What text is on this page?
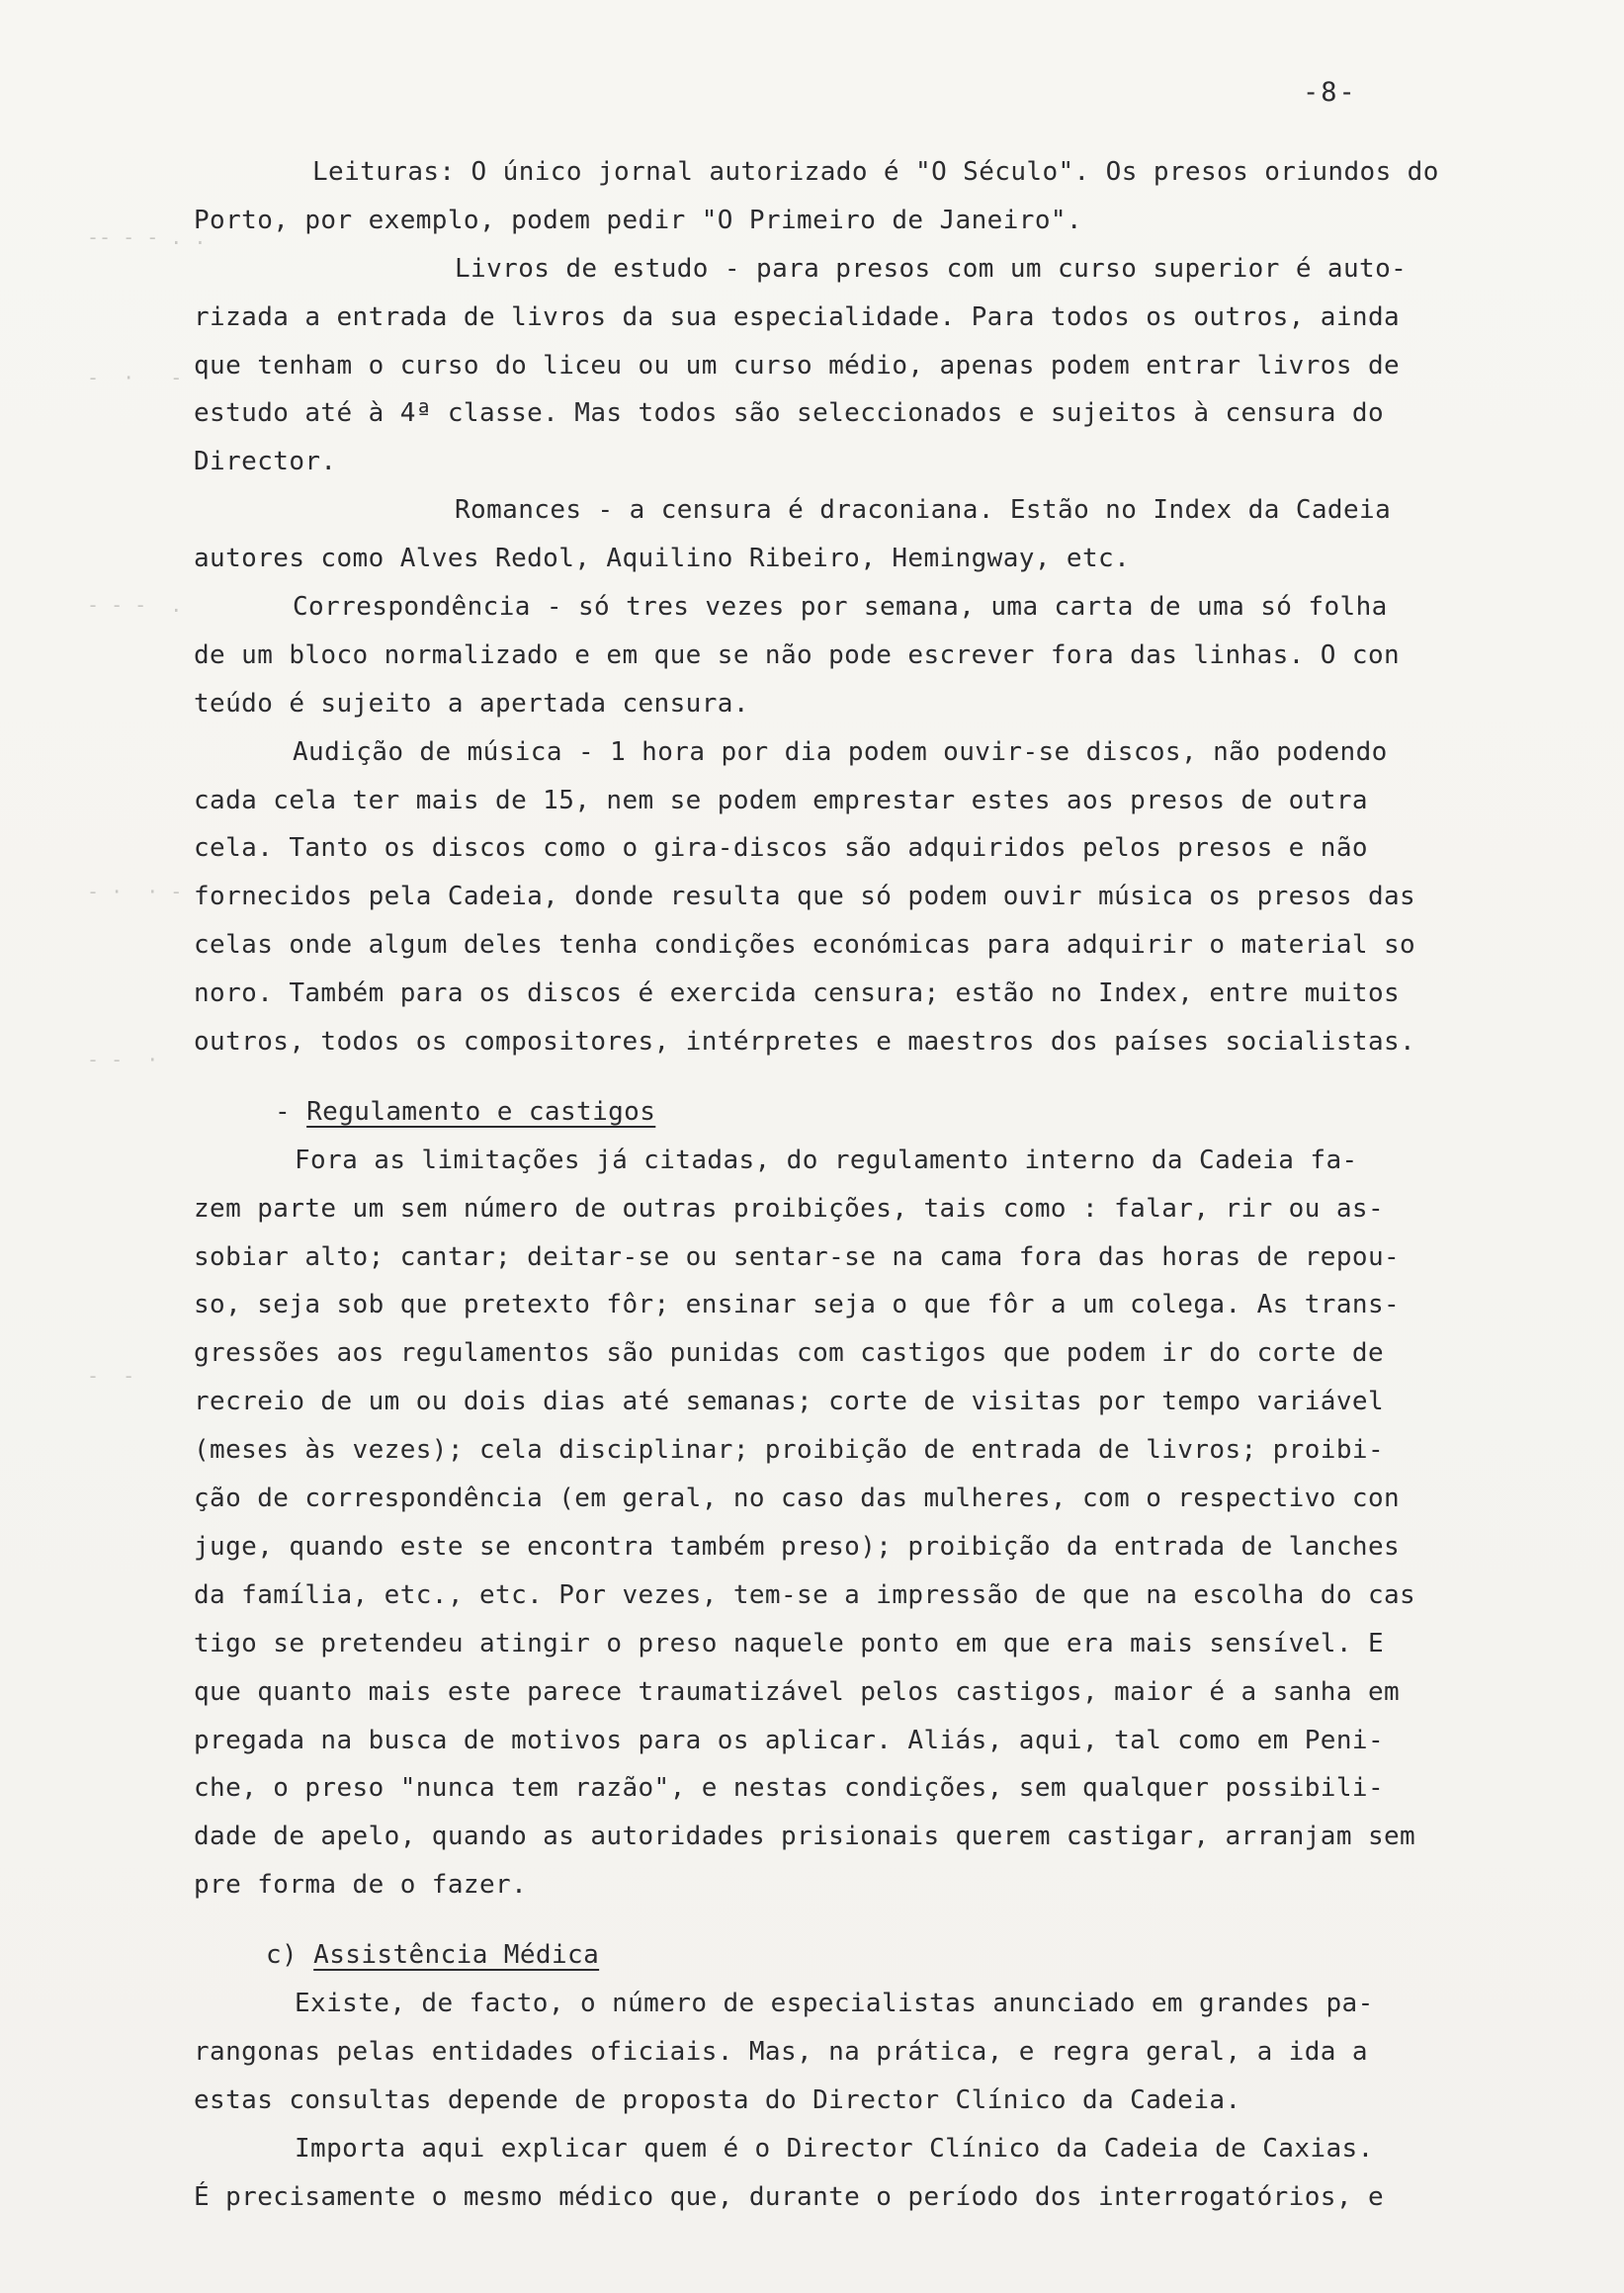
-- - - . .
-  ·   -
- - -  .
- ·  · -
- -  ·
-  -
-8-
Leituras: O único jornal autorizado é "O Século". Os presos oriundos do
Porto, por exemplo, podem pedir "O Primeiro de Janeiro".
Livros de estudo - para presos com um curso superior é auto-
rizada a entrada de livros da sua especialidade. Para todos os outros, ainda
que tenham o curso do liceu ou um curso médio, apenas podem entrar livros de
estudo até à 4ª classe. Mas todos são seleccionados e sujeitos à censura do
Director.
Romances - a censura é draconiana. Estão no Index da Cadeia
autores como Alves Redol, Aquilino Ribeiro, Hemingway, etc.
Correspondência - só tres vezes por semana, uma carta de uma só folha
de um bloco normalizado e em que se não pode escrever fora das linhas. O con
teúdo é sujeito a apertada censura.
Audição de música - 1 hora por dia podem ouvir-se discos, não podendo
cada cela ter mais de 15, nem se podem emprestar estes aos presos de outra
cela. Tanto os discos como o gira-discos são adquiridos pelos presos e não
fornecidos pela Cadeia, donde resulta que só podem ouvir música os presos das
celas onde algum deles tenha condições económicas para adquirir o material so
noro. Também para os discos é exercida censura; estão no Index, entre muitos
outros, todos os compositores, intérpretes e maestros dos países socialistas.
- Regulamento e castigos
Fora as limitações já citadas, do regulamento interno da Cadeia fa-
zem parte um sem número de outras proibições, tais como : falar, rir ou as-
sobiar alto; cantar; deitar-se ou sentar-se na cama fora das horas de repou-
so, seja sob que pretexto fôr; ensinar seja o que fôr a um colega. As trans-
gressões aos regulamentos são punidas com castigos que podem ir do corte de
recreio de um ou dois dias até semanas; corte de visitas por tempo variável
(meses às vezes); cela disciplinar; proibição de entrada de livros; proibi-
ção de correspondência (em geral, no caso das mulheres, com o respectivo con
juge, quando este se encontra também preso); proibição da entrada de lanches
da família, etc., etc. Por vezes, tem-se a impressão de que na escolha do cas
tigo se pretendeu atingir o preso naquele ponto em que era mais sensível. E
que quanto mais este parece traumatizável pelos castigos, maior é a sanha em
pregada na busca de motivos para os aplicar. Aliás, aqui, tal como em Peni-
che, o preso "nunca tem razão", e nestas condições, sem qualquer possibili-
dade de apelo, quando as autoridades prisionais querem castigar, arranjam sem
pre forma de o fazer.
c) Assistência Médica
Existe, de facto, o número de especialistas anunciado em grandes pa-
rangonas pelas entidades oficiais. Mas, na prática, e regra geral, a ida a
estas consultas depende de proposta do Director Clínico da Cadeia.
Importa aqui explicar quem é o Director Clínico da Cadeia de Caxias.
É precisamente o mesmo médico que, durante o período dos interrogatórios, e
